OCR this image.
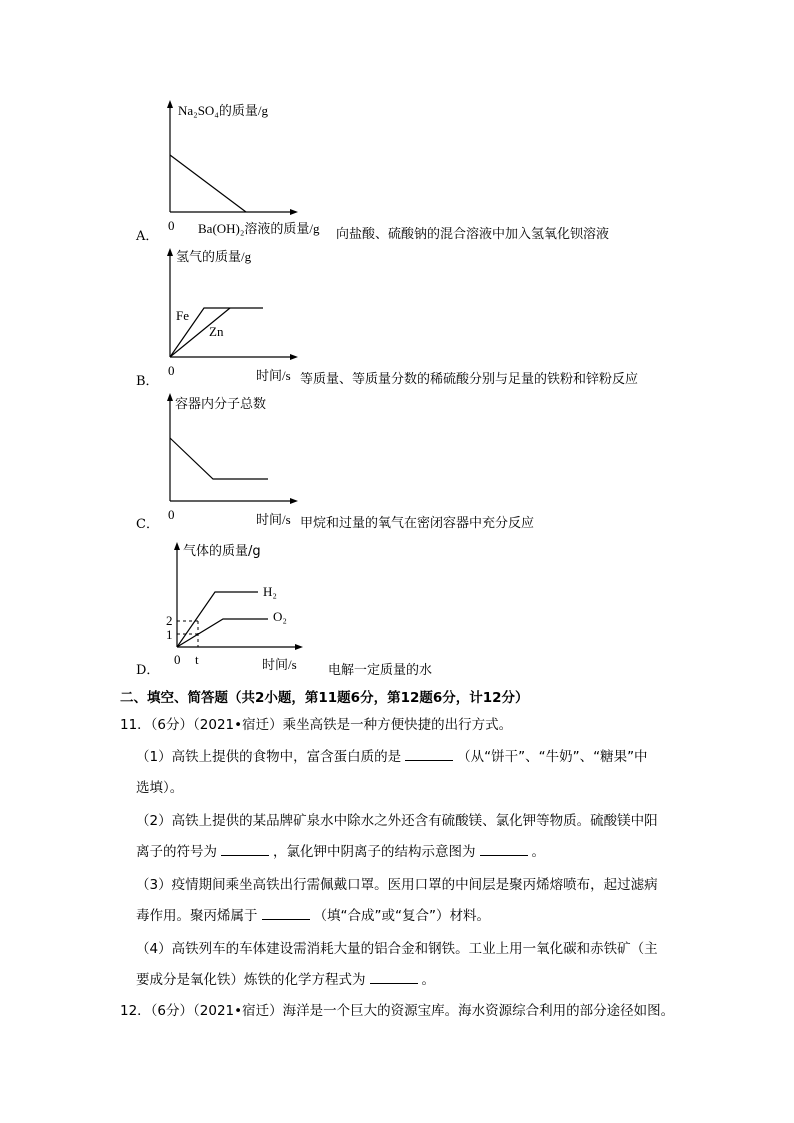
Na₂SO₄的质量/g
0 Ba(OH)₂溶液的质量/g
A．	向盐酸、硫酸钠的混合溶液中加入氢氧化钡溶液
氢气的质量/g
Fe
Zn
0	时间/s
B．	等质量、等质量分数的稀硫酸分别与足量的铁粉和锌粉反应
容器内分子总数
0	时间/s
C．	甲烷和过量的氧气在密闭容器中充分反应
气体的质量/g
H₂
O₂
2
1
0 t	时间/s
D．	电解一定质量的水
二、填空、简答题（共2小题，第11题6分，第12题6分，计12分）
11．（6分）（2021•宿迁）乘坐高铁是一种方便快捷的出行方式。
（1）高铁上提供的食物中，富含蛋白质的是	（从“饼干”、“牛奶”、“糖果”中
选填）。
（2）高铁上提供的某品牌矿泉水中除水之外还含有硫酸镁、氯化钾等物质。硫酸镁中阳
离子的符号为	，氯化钾中阴离子的结构示意图为	。
（3）疫情期间乘坐高铁出行需佩戴口罩。医用口罩的中间层是聚丙烯熔喷布，起过滤病
毒作用。聚丙烯属于	（填“合成”或“复合”）材料。
（4）高铁列车的车体建设需消耗大量的铝合金和钢铁。工业上用一氧化碳和赤铁矿（主
要成分是氧化铁）炼铁的化学方程式为	。
12．（6分）（2021•宿迁）海洋是一个巨大的资源宝库。海水资源综合利用的部分途径如图。
